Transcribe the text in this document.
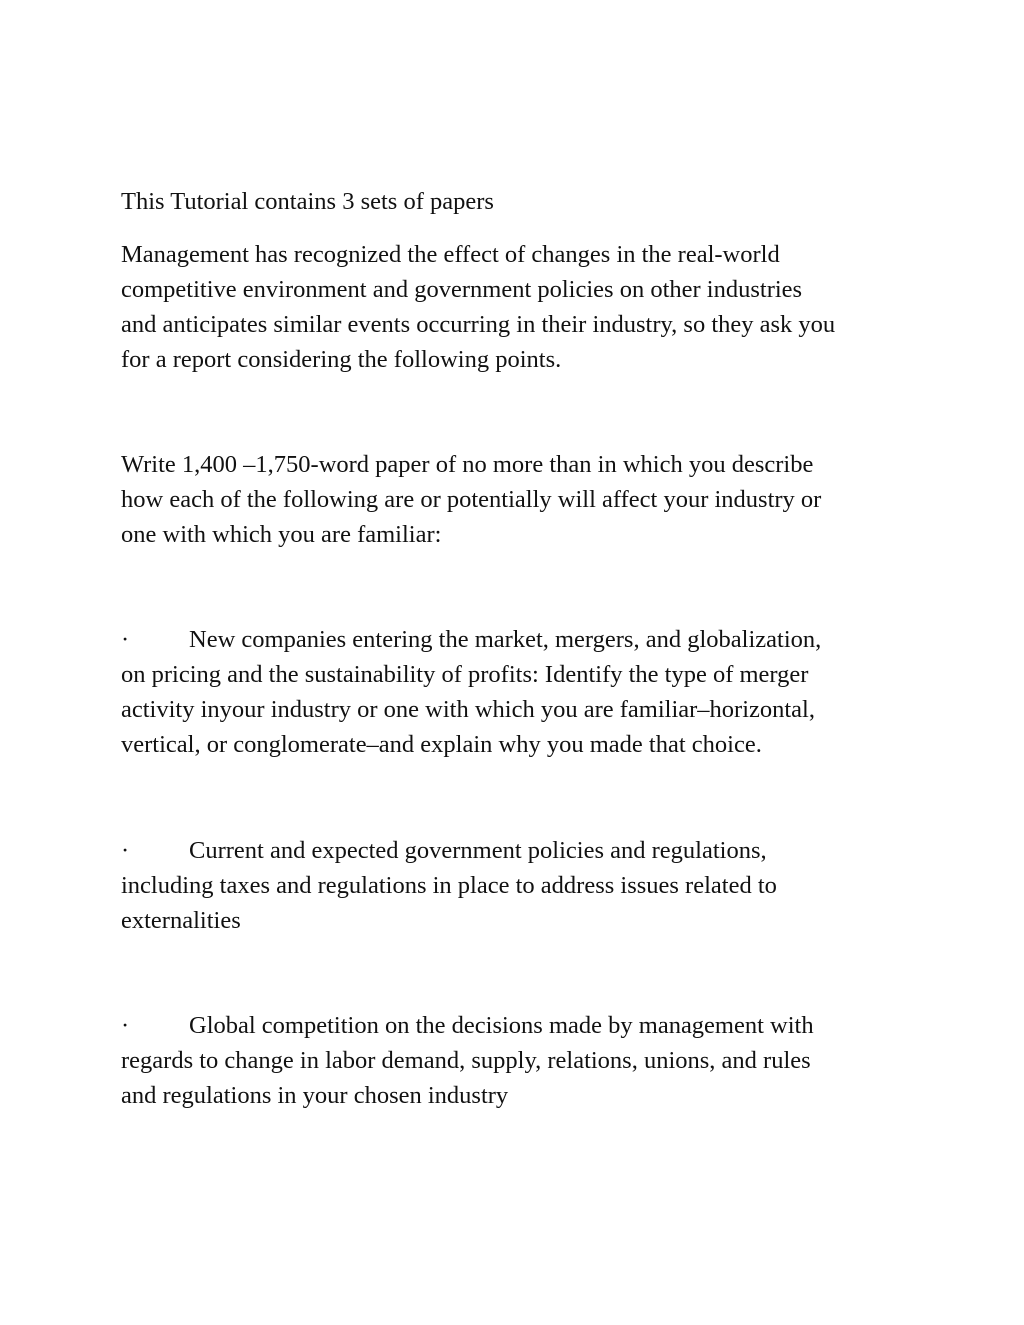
This Tutorial contains 3 sets of papers

Management has recognized the effect of changes in the real-world
competitive environment and government policies on other industries
and anticipates similar events occurring in their industry, so they ask you
for a report considering the following points.

Write 1,400 –1,750-word paper of no more than in which you describe
how each of the following are or potentially will affect your industry or
one with which you are familiar:

· New companies entering the market, mergers, and globalization,
on pricing and the sustainability of profits: Identify the type of merger
activity inyour industry or one with which you are familiar–horizontal,
vertical, or conglomerate–and explain why you made that choice.
· Current and expected government policies and regulations,
including taxes and regulations in place to address issues related to
externalities
· Global competition on the decisions made by management with
regards to change in labor demand, supply, relations, unions, and rules
and regulations in your chosen industry
